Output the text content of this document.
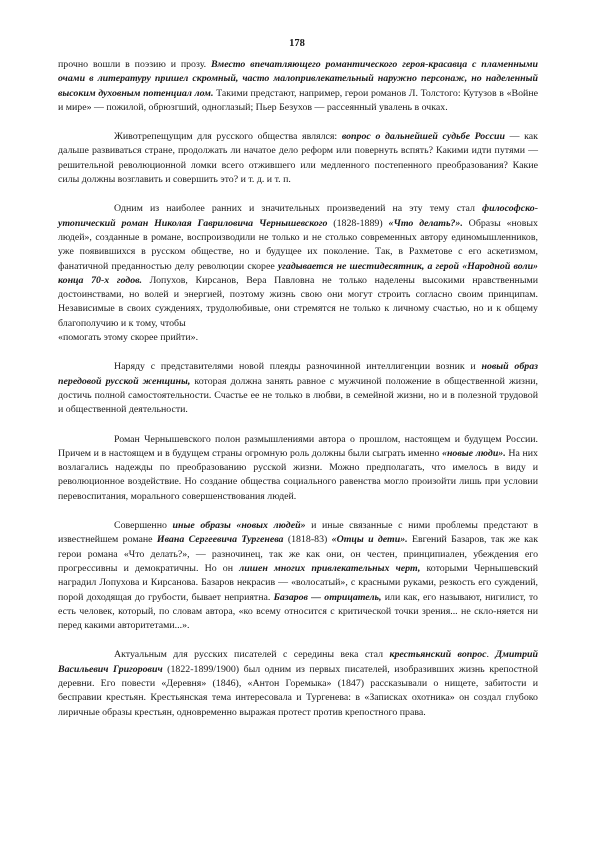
178

прочно вошли в поэзию и прозу. Вместо впечатляющего романтического героя-красавца с пламенными очами в литературу пришел скромный, часто малопривлекательный наружно персонаж, но наделенный высоким духовным потенциал лом. Такими предстают, например, герои романов Л. Толстого: Кутузов в «Войне и мире» — пожилой, обрюзгший, одноглазый; Пьер Безухов — рассеянный увалень в очках.

Животрепещущим для русского общества являлся: вопрос о дальнейшей судьбе России — как дальше развиваться стране, продолжать ли начатое дело реформ или повернуть вспять? Какими идти путями — решительной революционной ломки всего отжившего или медленного постепенного преобразования? Какие силы должны возглавить и совершить это? и т. д. и т. п.

Одним из наиболее ранних и значительных произведений на эту тему стал философско-утопический роман Николая Гавриловича Чернышевского (1828-1889) «Что делать?». Образы «новых людей», созданные в романе, воспроизводили не только и не столько современных автору единомышленников, уже появившихся в русском обществе, но и будущее их поколение. Так, в Рахметове с его аскетизмом, фанатичной преданностью делу революции скорее угадывается не шестидесятник, а герой «Народной воли» конца 70-х годов. Лопухов, Кирсанов, Вера Павловна не только наделены высокими нравственными достоинствами, но волей и энергией, поэтому жизнь свою они могут строить согласно своим принципам. Независимые в своих суждениях, трудолюбивые, они стремятся не только к личному счастью, но и к общему благополучию и к тому, чтобы
«помогать этому скорее прийти».

Наряду с представителями новой плеяды разночинной интеллигенции возник и новый образ передовой русской женщины, которая должна занять равное с мужчиной положение в общественной жизни, достичь полной самостоятельности. Счастье ее не только в любви, в семейной жизни, но и в полезной трудовой и общественной деятельности.

Роман Чернышевского полон размышлениями автора о прошлом, настоящем и будущем России. Причем и в настоящем и в будущем страны огромную роль должны были сыграть именно «новые люди». На них возлагались надежды по преобразованию русской жизни. Можно предполагать, что имелось в виду и революционное воздействие. Но создание общества социального равенства могло произойти лишь при условии перевоспитания, морального совершенствования людей.

Совершенно иные образы «новых людей» и иные связанные с ними проблемы предстают в известнейшем романе Ивана Сергеевича Тургенева (1818-83) «Отцы и дети». Евгений Базаров, так же как герои романа «Что делать?», — разночинец, так же как они, он честен, принципиален, убеждения его прогрессивны и демократичны. Но он лишен многих привлекательных черт, которыми Чернышевский наградил Лопухова и Кирсанова. Базаров некрасив — «волосатый», с красными руками, резкость его суждений, порой доходящая до грубости, бывает неприятна. Базаров — отрицатель, или как, его называют, нигилист, то есть человек, который, по словам автора, «ко всему относится с критической точки зрения... не скло-няется ни перед какими авторитетами...».

Актуальным для русских писателей с середины века стал крестьянский вопрос. Дмитрий Васильевич Григорович (1822-1899/1900) был одним из первых писателей, изобразивших жизнь крепостной деревни. Его повести «Деревня» (1846), «Антон Горемыка» (1847) рассказывали о нищете, забитости и бесправии крестьян. Крестьянская тема интересовала и Тургенева: в «Записках охотника» он создал глубоко лиричные образы крестьян, одновременно выражая протест против крепостного права.
